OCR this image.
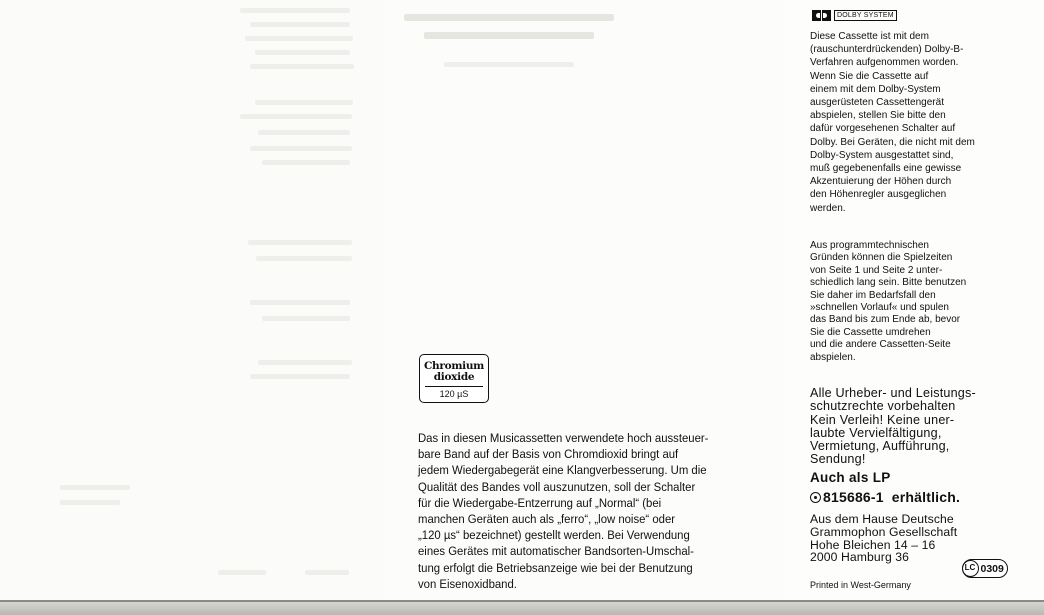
Chromium
dioxide
120 µS

Das in diesen Musicassetten verwendete hoch aussteuer-
bare Band auf der Basis von Chromdioxid bringt auf
jedem Wiedergabegerät eine Klangverbesserung. Um die
Qualität des Bandes voll auszunutzen, soll der Schalter
für die Wiedergabe-Entzerrung auf „Normal“ (bei
manchen Geräten auch als „ferro“, „low noise“ oder
„120 µs“ bezeichnet) gestellt werden. Bei Verwendung
eines Gerätes mit automatischer Bandsorten-Umschal-
tung erfolgt die Betriebsanzeige wie bei der Benutzung
von Eisenoxidband.

DOLBY SYSTEM

Diese Cassette ist mit dem
(rauschunterdrückenden) Dolby-B-
Verfahren aufgenommen worden.
Wenn Sie die Cassette auf
einem mit dem Dolby-System
ausgerüsteten Cassettengerät
abspielen, stellen Sie bitte den
dafür vorgesehenen Schalter auf
Dolby. Bei Geräten, die nicht mit dem
Dolby-System ausgestattet sind,
muß gegebenenfalls eine gewisse
Akzentuierung der Höhen durch
den Höhenregler ausgeglichen
werden.

Aus programmtechnischen
Gründen können die Spielzeiten
von Seite 1 und Seite 2 unter-
schiedlich lang sein. Bitte benutzen
Sie daher im Bedarfsfall den
»schnellen Vorlauf« und spulen
das Band bis zum Ende ab, bevor
Sie die Cassette umdrehen
und die andere Cassetten-Seite
abspielen.

Alle Urheber- und Leistungs-
schutzrechte vorbehalten
Kein Verleih! Keine uner-
laubte Vervielfältigung,
Vermietung, Aufführung,
Sendung!

Auch als LP

815686-1 erhältlich.

Aus dem Hause Deutsche
Grammophon Gesellschaft
Hohe Bleichen 14 – 16
2000 Hamburg 36

Printed in West-Germany

LC 0309
